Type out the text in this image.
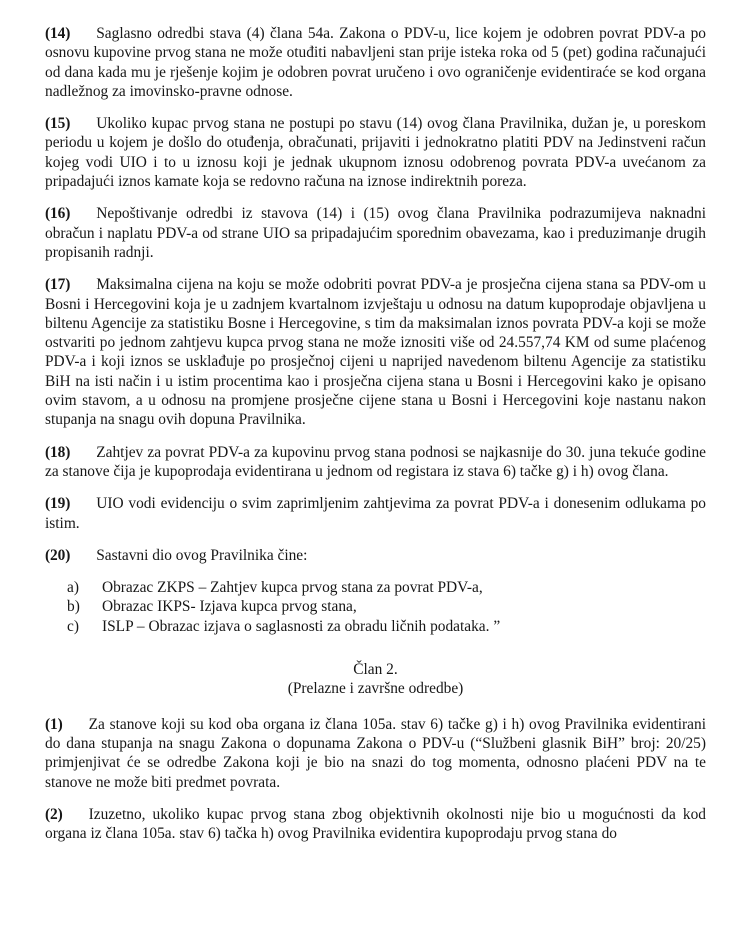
(14) Saglasno odredbi stava (4) člana 54a. Zakona o PDV-u, lice kojem je odobren povrat PDV-a po osnovu kupovine prvog stana ne može otuđiti nabavljeni stan prije isteka roka od 5 (pet) godina računajući od dana kada mu je rješenje kojim je odobren povrat uručeno i ovo ograničenje evidentiraće se kod organa nadležnog za imovinsko-pravne odnose.

(15) Ukoliko kupac prvog stana ne postupi po stavu (14) ovog člana Pravilnika, dužan je, u poreskom periodu u kojem je došlo do otuđenja, obračunati, prijaviti i jednokratno platiti PDV na Jedinstveni račun kojeg vodi UIO i to u iznosu koji je jednak ukupnom iznosu odobrenog povrata PDV-a uvećanom za pripadajući iznos kamate koja se redovno računa na iznose indirektnih poreza.

(16) Nepoštivanje odredbi iz stavova (14) i (15) ovog člana Pravilnika podrazumijeva naknadni obračun i naplatu PDV-a od strane UIO sa pripadajućim sporednim obavezama, kao i preduzimanje drugih propisanih radnji.

(17) Maksimalna cijena na koju se može odobriti povrat PDV-a je prosječna cijena stana sa PDV-om u Bosni i Hercegovini koja je u zadnjem kvartalnom izvještaju u odnosu na datum kupoprodaje objavljena u biltenu Agencije za statistiku Bosne i Hercegovine, s tim da maksimalan iznos povrata PDV-a koji se može ostvariti po jednom zahtjevu kupca prvog stana ne može iznositi više od 24.557,74 KM od sume plaćenog PDV-a i koji iznos se usklađuje po prosječnoj cijeni u naprijed navedenom biltenu Agencije za statistiku BiH na isti način i u istim procentima kao i prosječna cijena stana u Bosni i Hercegovini kako je opisano ovim stavom, a u odnosu na promjene prosječne cijene stana u Bosni i Hercegovini koje nastanu nakon stupanja na snagu ovih dopuna Pravilnika.

(18) Zahtjev za povrat PDV-a za kupovinu prvog stana podnosi se najkasnije do 30. juna tekuće godine za stanove čija je kupoprodaja evidentirana u jednom od registara iz stava 6) tačke g) i h) ovog člana.

(19) UIO vodi evidenciju o svim zaprimljenim zahtjevima za povrat PDV-a i donesenim odlukama po istim.

(20) Sastavni dio ovog Pravilnika čine:

a)	Obrazac ZKPS – Zahtjev kupca prvog stana za povrat PDV-a,
b)	Obrazac IKPS- Izjava kupca prvog stana,
c)	ISLP – Obrazac izjava o saglasnosti za obradu ličnih podataka. ”
Član 2.
(Prelazne i završne odredbe)

(1) Za stanove koji su kod oba organa iz člana 105a. stav 6) tačke g) i h) ovog Pravilnika evidentirani do dana stupanja na snagu Zakona o dopunama Zakona o PDV-u (“Službeni glasnik BiH” broj: 20/25) primjenjivat će se odredbe Zakona koji je bio na snazi do tog momenta, odnosno plaćeni PDV na te stanove ne može biti predmet povrata.

(2) Izuzetno, ukoliko kupac prvog stana zbog objektivnih okolnosti nije bio u mogućnosti da kod organa iz člana 105a. stav 6) tačka h) ovog Pravilnika evidentira kupoprodaju prvog stana do
